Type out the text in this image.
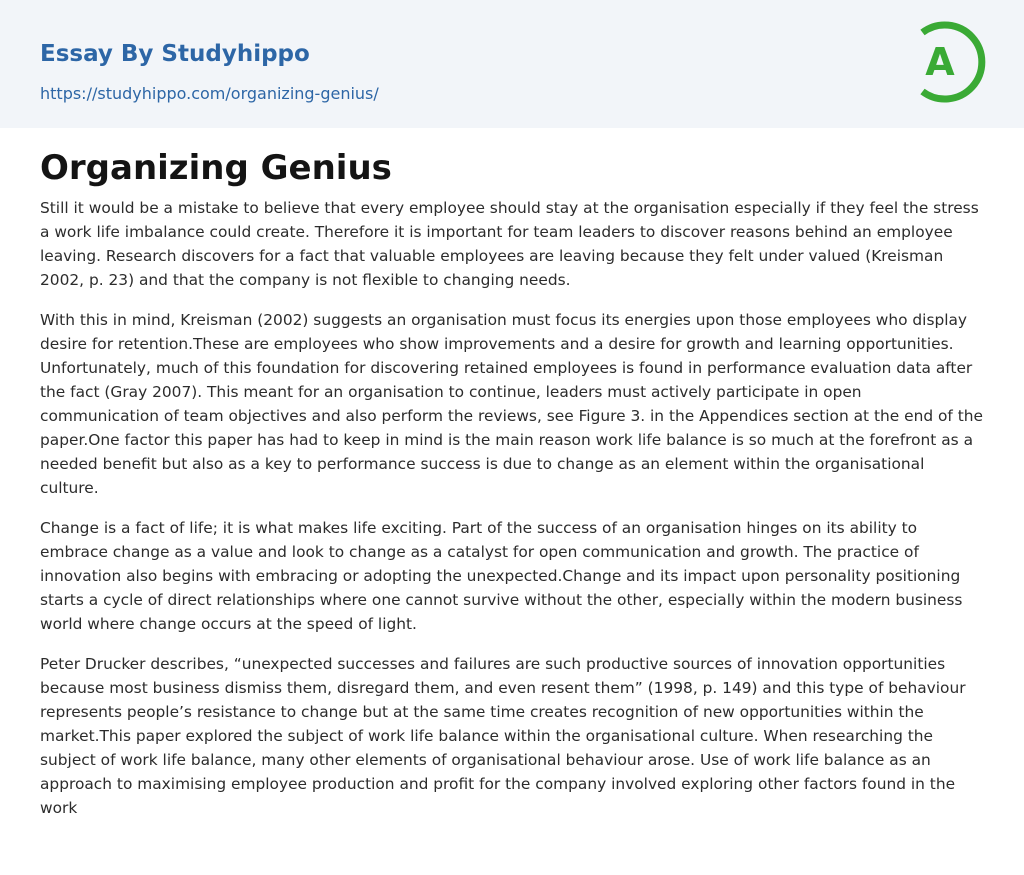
Essay By Studyhippo
https://studyhippo.com/organizing-genius/
A
Organizing Genius

Still it would be a mistake to believe that every employee should stay at the organisation especially if they feel the stress a work life imbalance could create. Therefore it is important for team leaders to discover reasons behind an employee leaving. Research discovers for a fact that valuable employees are leaving because they felt under valued (Kreisman 2002, p. 23) and that the company is not flexible to changing needs.

With this in mind, Kreisman (2002) suggests an organisation must focus its energies upon those employees who display desire for retention.These are employees who show improvements and a desire for growth and learning opportunities. Unfortunately, much of this foundation for discovering retained employees is found in performance evaluation data after the fact (Gray 2007). This meant for an organisation to continue, leaders must actively participate in open communication of team objectives and also perform the reviews, see Figure 3. in the Appendices section at the end of the paper.One factor this paper has had to keep in mind is the main reason work life balance is so much at the forefront as a needed benefit but also as a key to performance success is due to change as an element within the organisational culture.

Change is a fact of life; it is what makes life exciting. Part of the success of an organisation hinges on its ability to embrace change as a value and look to change as a catalyst for open communication and growth. The practice of innovation also begins with embracing or adopting the unexpected.Change and its impact upon personality positioning starts a cycle of direct relationships where one cannot survive without the other, especially within the modern business world where change occurs at the speed of light.

Peter Drucker describes, “unexpected successes and failures are such productive sources of innovation opportunities because most business dismiss them, disregard them, and even resent them” (1998, p. 149) and this type of behaviour represents people’s resistance to change but at the same time creates recognition of new opportunities within the market.This paper explored the subject of work life balance within the organisational culture. When researching the subject of work life balance, many other elements of organisational behaviour arose. Use of work life balance as an approach to maximising employee production and profit for the company involved exploring other factors found in the work
